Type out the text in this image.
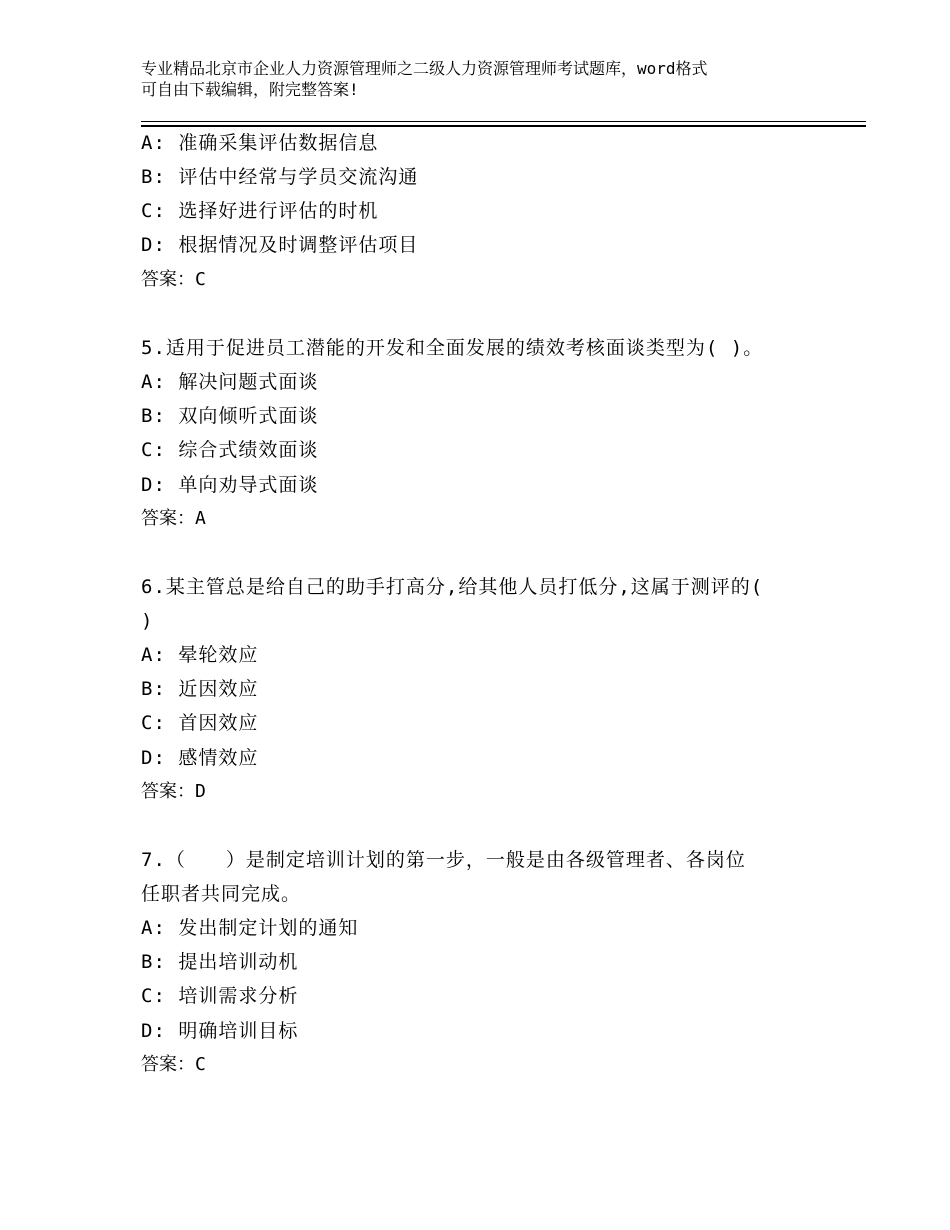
专业精品北京市企业人力资源管理师之二级人力资源管理师考试题库，word格式
可自由下载编辑，附完整答案!
A: 准确采集评估数据信息
B: 评估中经常与学员交流沟通
C: 选择好进行评估的时机
D: 根据情况及时调整评估项目
答案：C
5.适用于促进员工潜能的开发和全面发展的绩效考核面谈类型为( )。
A: 解决问题式面谈
B: 双向倾听式面谈
C: 综合式绩效面谈
D: 单向劝导式面谈
答案：A
6.某主管总是给自己的助手打高分,给其他人员打低分,这属于测评的(
)
A: 晕轮效应
B: 近因效应
C: 首因效应
D: 感情效应
答案：D
7.（　　）是制定培训计划的第一步，一般是由各级管理者、各岗位
任职者共同完成。
A: 发出制定计划的通知
B: 提出培训动机
C: 培训需求分析
D: 明确培训目标
答案：C
